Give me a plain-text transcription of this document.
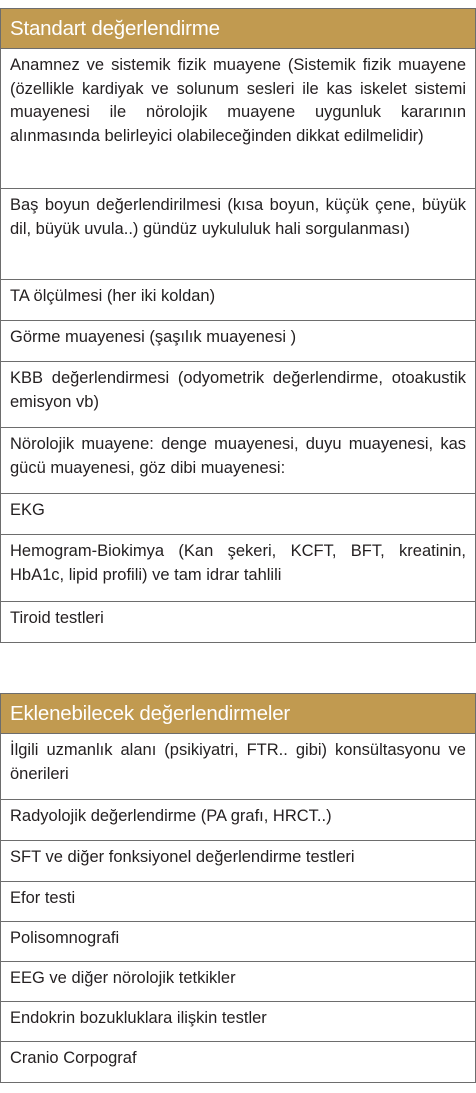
Standart değerlendirme
Anamnez ve sistemik fizik muayene (Sistemik fizik muayene (özellikle kardiyak ve solunum sesleri ile kas iskelet sistemi muayenesi ile nörolojik muayene uygunluk kararının alınmasında belirleyici olabileceğinden dikkat edilmelidir)
Baş boyun değerlendirilmesi (kısa boyun, küçük çene, büyük dil, büyük uvula..) gündüz uykululuk hali sorgulanması)
TA ölçülmesi (her iki koldan)
Görme muayenesi (şaşılık muayenesi )
KBB değerlendirmesi (odyometrik değerlendirme, otoakustik emisyon vb)
Nörolojik muayene: denge muayenesi, duyu muayenesi, kas gücü muayenesi, göz dibi muayenesi:
EKG
Hemogram-Biokimya (Kan şekeri, KCFT, BFT, kreatinin, HbA1c, lipid profili) ve tam idrar tahlili
Tiroid testleri
Eklenebilecek değerlendirmeler
İlgili uzmanlık alanı (psikiyatri, FTR.. gibi) konsültasyonu ve önerileri
Radyolojik değerlendirme (PA grafı, HRCT..)
SFT ve diğer fonksiyonel değerlendirme testleri
Efor testi
Polisomnografi
EEG ve diğer nörolojik tetkikler
Endokrin bozukluklara ilişkin testler
Cranio Corpograf
